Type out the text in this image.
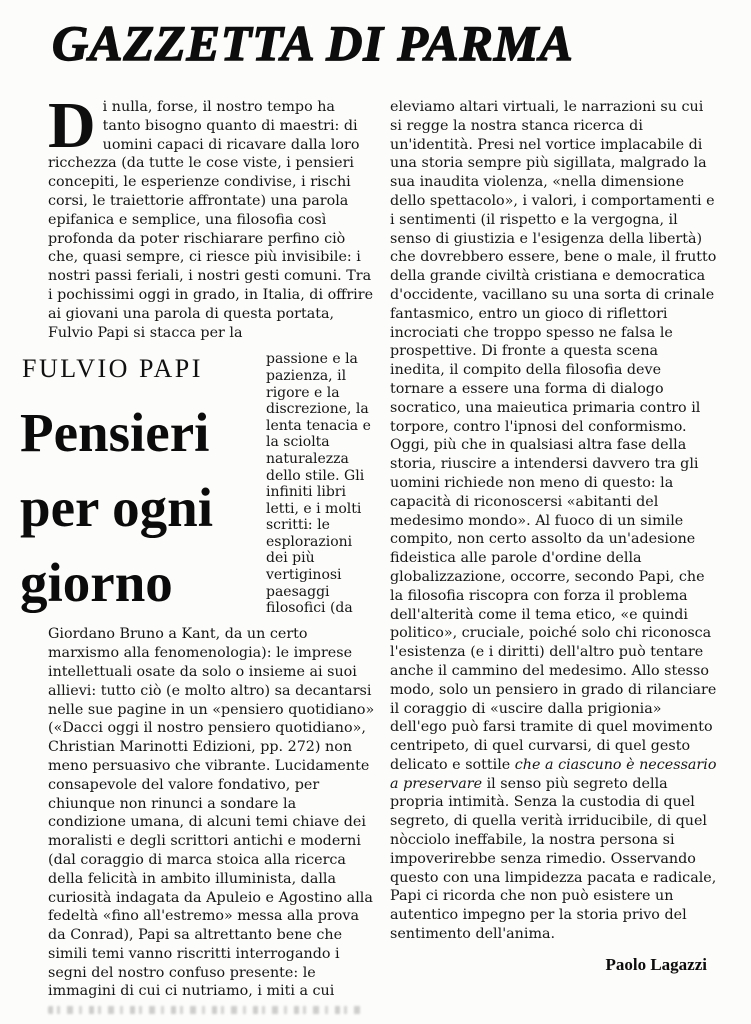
GAZZETTA DI PARMA

Di nulla, forse, il nostro tempo ha tanto bisogno quanto di maestri: di uomini capaci di ricavare dalla loro ricchezza (da tutte le cose viste, i pensieri concepiti, le esperienze condivise, i rischi corsi, le traiettorie affrontate) una parola epifanica e semplice, una filosofia così profonda da poter rischiarare perfino ciò che, quasi sempre, ci riesce più invisibile: i nostri passi feriali, i nostri gesti comuni. Tra i pochissimi oggi in grado, in Italia, di offrire ai giovani una parola di questa portata, Fulvio Papi si stacca per la

FULVIO PAPI
Pensieri per ogni giorno

passione e la pazienza, il rigore e la discrezione, la lenta tenacia e la sciolta naturalezza dello stile. Gli infiniti libri letti, e i molti scritti: le esplorazioni dei più vertiginosi paesaggi filosofici (da

Giordano Bruno a Kant, da un certo marxismo alla fenomenologia): le imprese intellettuali osate da solo o insieme ai suoi allievi: tutto ciò (e molto altro) sa decantarsi nelle sue pagine in un «pensiero quotidiano» («Dacci oggi il nostro pensiero quotidiano», Christian Marinotti Edizioni, pp. 272) non meno persuasivo che vibrante. Lucidamente consapevole del valore fondativo, per chiunque non rinunci a sondare la condizione umana, di alcuni temi chiave dei moralisti e degli scrittori antichi e moderni (dal coraggio di marca stoica alla ricerca della felicità in ambito illuminista, dalla curiosità indagata da Apuleio e Agostino alla fedeltà «fino all'estremo» messa alla prova da Conrad), Papi sa altrettanto bene che simili temi vanno riscritti interrogando i segni del nostro confuso presente: le immagini di cui ci nutriamo, i miti a cui

eleviamo altari virtuali, le narrazioni su cui si regge la nostra stanca ricerca di un'identità. Presi nel vortice implacabile di una storia sempre più sigillata, malgrado la sua inaudita violenza, «nella dimensione dello spettacolo», i valori, i comportamenti e i sentimenti (il rispetto e la vergogna, il senso di giustizia e l'esigenza della libertà) che dovrebbero essere, bene o male, il frutto della grande civiltà cristiana e democratica d'occidente, vacillano su una sorta di crinale fantasmico, entro un gioco di riflettori incrociati che troppo spesso ne falsa le prospettive. Di fronte a questa scena inedita, il compito della filosofia deve tornare a essere una forma di dialogo socratico, una maieutica primaria contro il torpore, contro l'ipnosi del conformismo. Oggi, più che in qualsiasi altra fase della storia, riuscire a intendersi davvero tra gli uomini richiede non meno di questo: la capacità di riconoscersi «abitanti del medesimo mondo». Al fuoco di un simile compito, non certo assolto da un'adesione fideistica alle parole d'ordine della globalizzazione, occorre, secondo Papi, che la filosofia riscopra con forza il problema dell'alterità come il tema etico, «e quindi politico», cruciale, poiché solo chi riconosca l'esistenza (e i diritti) dell'altro può tentare anche il cammino del medesimo. Allo stesso modo, solo un pensiero in grado di rilanciare il coraggio di «uscire dalla prigionia» dell'ego può farsi tramite di quel movimento centripeto, di quel curvarsi, di quel gesto delicato e sottile che a ciascuno è necessario a preservare il senso più segreto della propria intimità. Senza la custodia di quel segreto, di quella verità irriducibile, di quel nòcciolo ineffabile, la nostra persona si impoverirebbe senza rimedio. Osservando questo con una limpidezza pacata e radicale, Papi ci ricorda che non può esistere un autentico impegno per la storia privo del sentimento dell'anima.

Paolo Lagazzi
